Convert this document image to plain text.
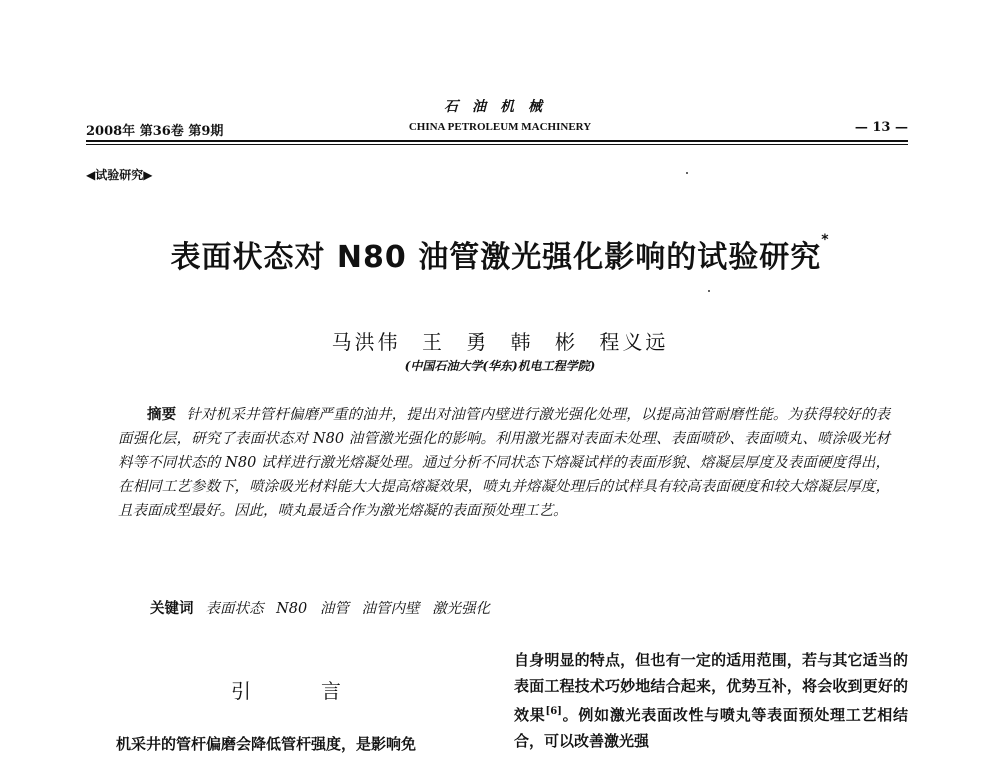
石油机械
2008年 第36卷 第9期	CHINA PETROLEUM MACHINERY	— 13 —
◀试验研究▶
表面状态对 N80 油管激光强化影响的试验研究*
马洪伟 王 勇 韩 彬 程义远
(中国石油大学(华东)机电工程学院)

摘要 针对机采井管杆偏磨严重的油井，提出对油管内壁进行激光强化处理，以提高油管耐磨性能。为获得较好的表面强化层，研究了表面状态对 N80 油管激光强化的影响。利用激光器对表面未处理、表面喷砂、表面喷丸、喷涂吸光材料等不同状态的 N80 试样进行激光熔凝处理。通过分析不同状态下熔凝试样的表面形貌、熔凝层厚度及表面硬度得出，在相同工艺参数下，喷涂吸光材料能大大提高熔凝效果，喷丸并熔凝处理后的试样具有较高表面硬度和较大熔凝层厚度，且表面成型最好。因此，喷丸最适合作为激光熔凝的表面预处理工艺。

关键词 表面状态 N80 油管 油管内壁 激光强化
引言

机采井的管杆偏磨会降低管杆强度，是影响免

自身明显的特点，但也有一定的适用范围，若与其它适当的表面工程技术巧妙地结合起来，优势互补，将会收到更好的效果[6]。例如激光表面改性与喷丸等表面预处理工艺相结合，可以改善激光强
